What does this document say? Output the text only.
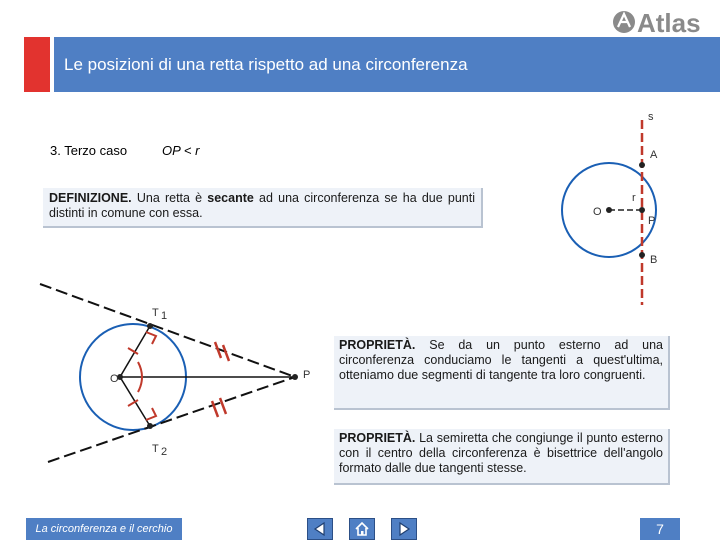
Atlas
Le posizioni di una retta rispetto ad una circonferenza
3. Terzo caso	OP < r
DEFINIZIONE. Una retta è secante ad una circonferenza se ha due punti distinti in comune con essa.
s
A
O
r
P
B
T 1
O	P
T 2
PROPRIETÀ. Se da un punto esterno ad una circonferenza conduciamo le tangenti a quest'ultima, otteniamo due segmenti di tangente tra loro congruenti.
PROPRIETÀ. La semiretta che congiunge il punto esterno con il centro della circonferenza è bisettrice dell'angolo formato dalle due tangenti stesse.
La circonferenza e il cerchio	7
